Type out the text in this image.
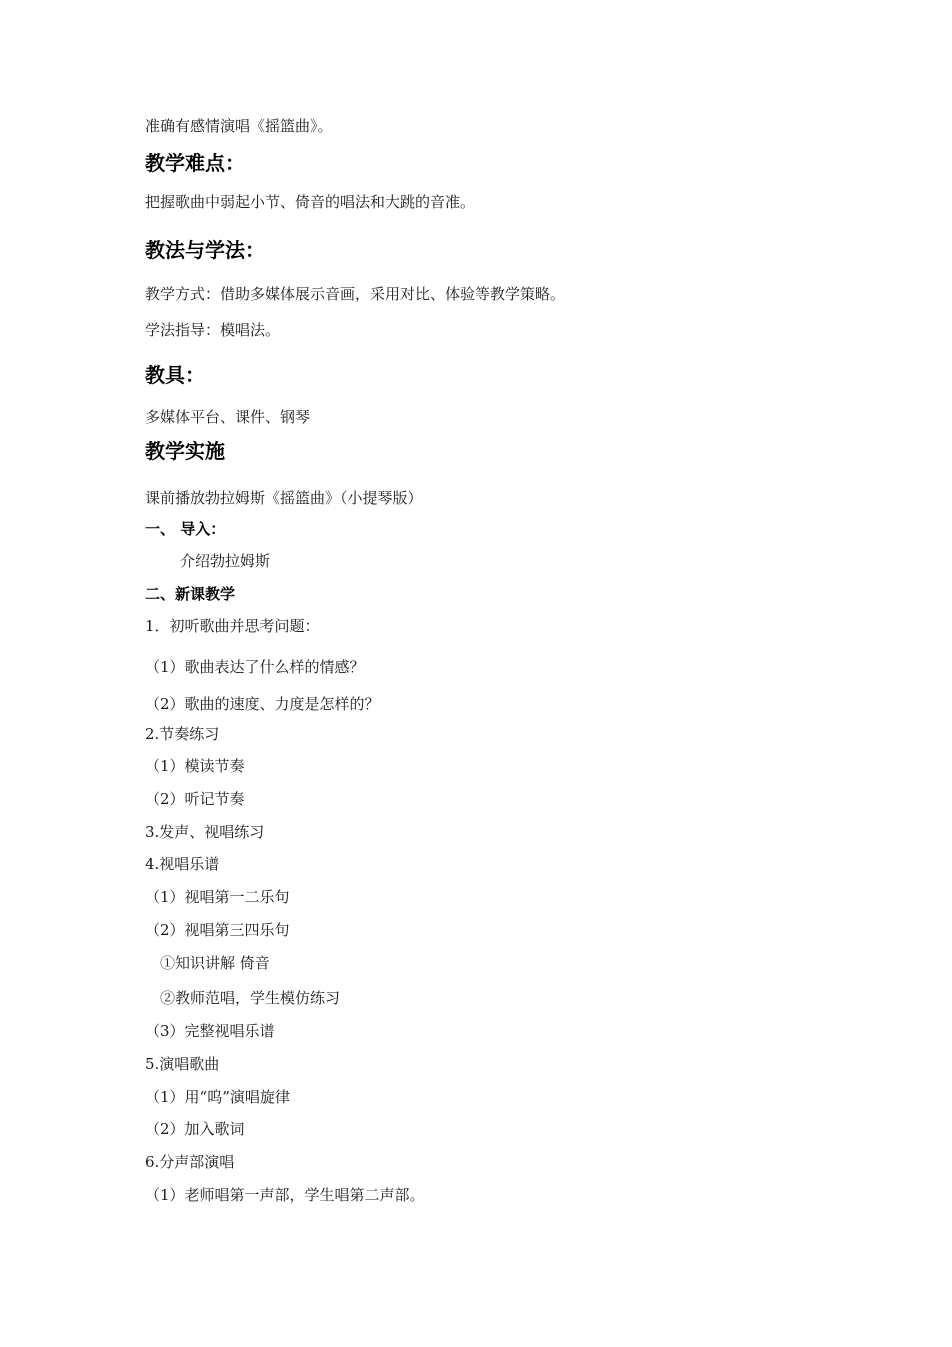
准确有感情演唱《摇篮曲》。
教学难点：
把握歌曲中弱起小节、倚音的唱法和大跳的音准。
教法与学法：
教学方式：借助多媒体展示音画，采用对比、体验等教学策略。
学法指导：模唱法。
教具：
多媒体平台、课件、钢琴
教学实施
课前播放勃拉姆斯《摇篮曲》（小提琴版）
一、 导入：
介绍勃拉姆斯
二、新课教学
1．初听歌曲并思考问题：
（1）歌曲表达了什么样的情感？
（2）歌曲的速度、力度是怎样的？
2.节奏练习
（1）模读节奏
（2）听记节奏
3.发声、视唱练习
4.视唱乐谱
（1）视唱第一二乐句
（2）视唱第三四乐句
①知识讲解 倚音
②教师范唱，学生模仿练习
（3）完整视唱乐谱
5.演唱歌曲
（1）用“呜”演唱旋律
（2）加入歌词
6.分声部演唱
（1）老师唱第一声部，学生唱第二声部。
